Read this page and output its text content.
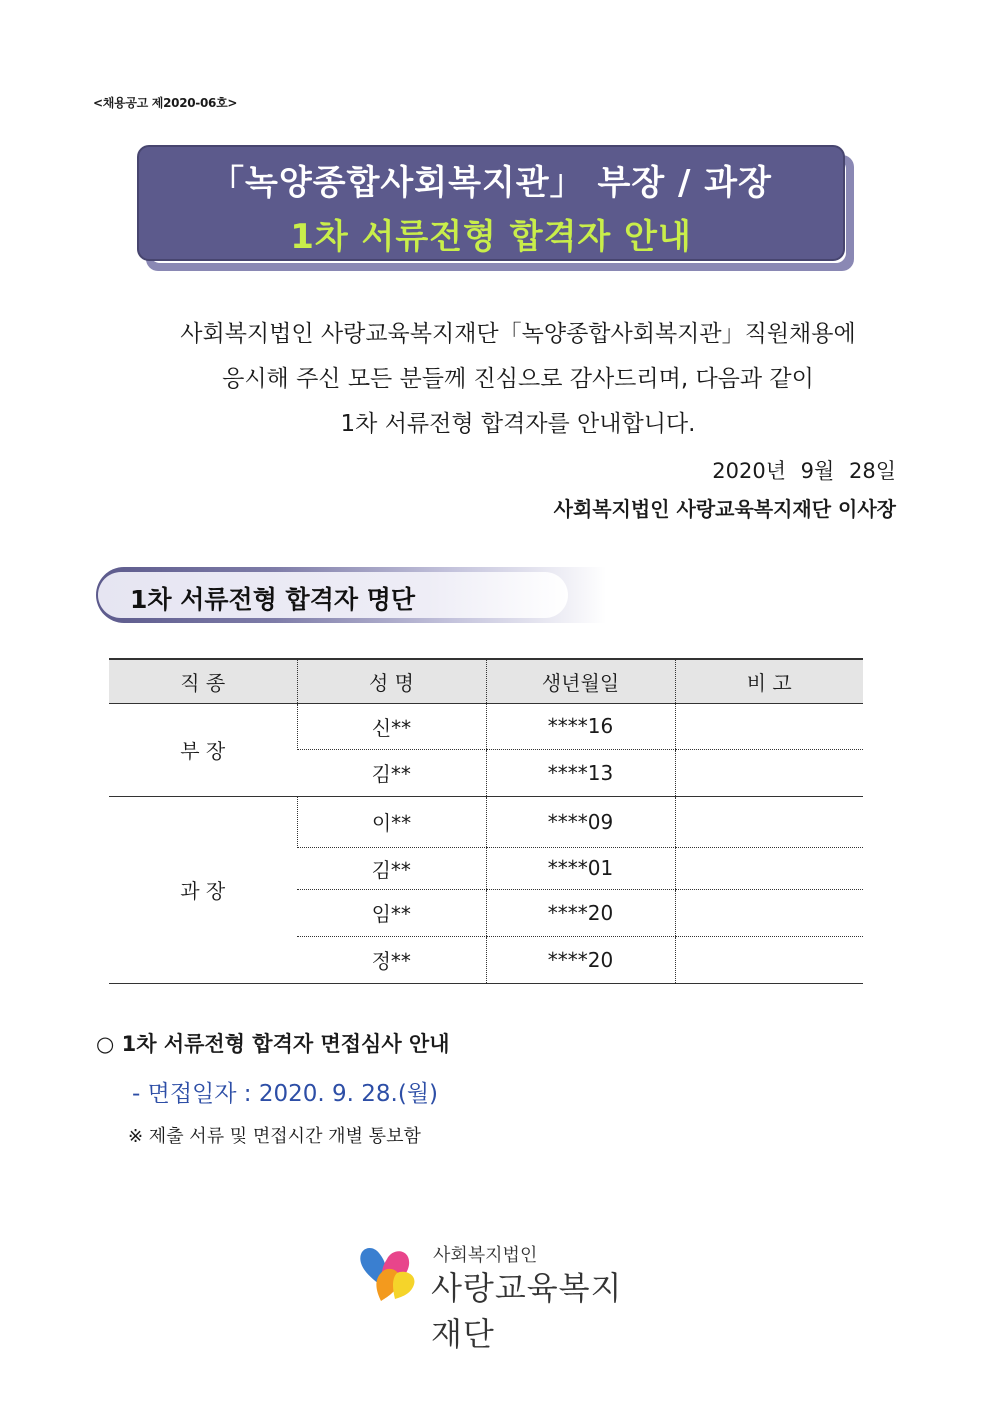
<채용공고 제2020-06호>
「녹양종합사회복지관」 부장 / 과장
1차 서류전형 합격자 안내
사회복지법인 사랑교육복지재단「녹양종합사회복지관」직원채용에
응시해 주신 모든 분들께 진심으로 감사드리며, 다음과 같이
1차 서류전형 합격자를 안내합니다.
2020년 9월 28일
사회복지법인 사랑교육복지재단 이사장
1차 서류전형 합격자 명단
직 종	성 명	생년월일	비 고
부 장	신**	****16	
	김**	****13	
과 장	이**	****09	
	김**	****01	
	임**	****20	
	정**	****20	
○ 1차 서류전형 합격자 면접심사 안내
- 면접일자 : 2020. 9. 28.(월)
※ 제출 서류 및 면접시간 개별 통보함
사회복지법인
사랑교육복지재단
